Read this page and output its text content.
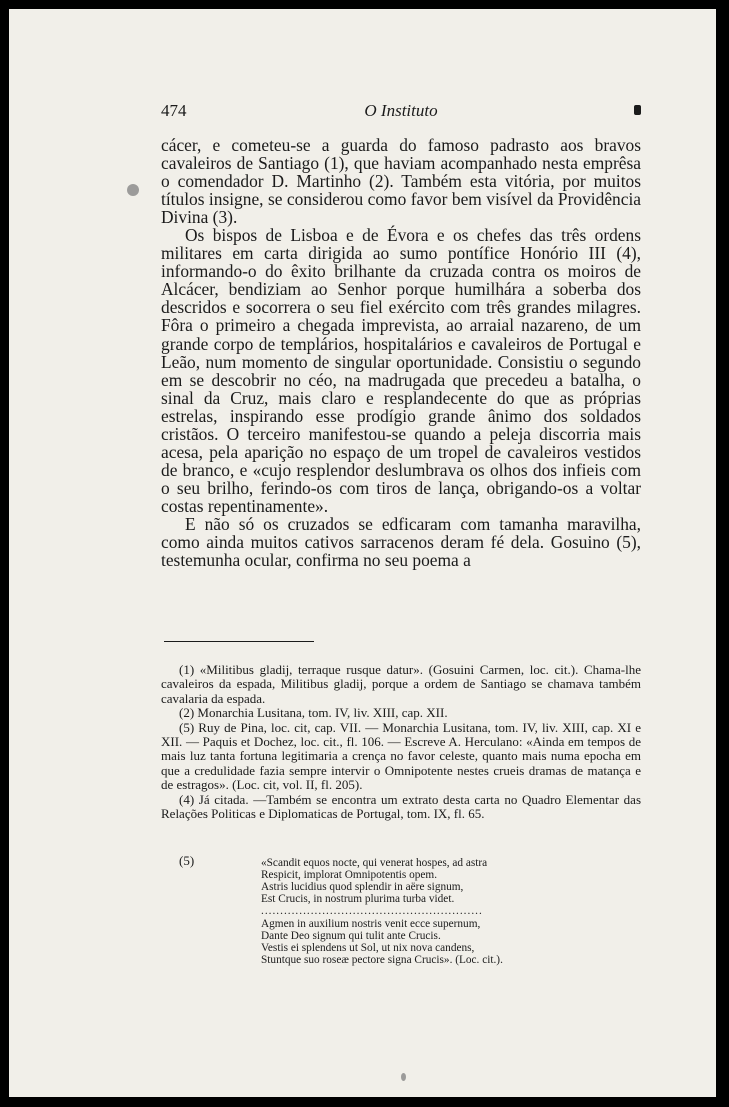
474	O Instituto

cácer, e cometeu-se a guarda do famoso padrasto aos bravos cavaleiros de Santiago (1), que haviam acompanhado nesta emprêsa o comendador D. Martinho (2). Também esta vitória, por muitos títulos insigne, se considerou como favor bem visível da Providência Divina (3).

Os bispos de Lisboa e de Évora e os chefes das três ordens militares em carta dirigida ao sumo pontífice Honório III (4), informando-o do êxito brilhante da cruzada contra os moiros de Alcácer, bendiziam ao Senhor porque humilhára a soberba dos descridos e socorrera o seu fiel exército com três grandes milagres. Fôra o primeiro a chegada imprevista, ao arraial nazareno, de um grande corpo de templários, hospitalários e cavaleiros de Portugal e Leão, num momento de singular oportunidade. Consistiu o segundo em se descobrir no céo, na madrugada que precedeu a batalha, o sinal da Cruz, mais claro e resplandecente do que as próprias estrelas, inspirando esse prodígio grande ânimo dos soldados cristãos. O terceiro manifestou-se quando a peleja discorria mais acesa, pela aparição no espaço de um tropel de cavaleiros vestidos de branco, e «cujo resplendor deslumbrava os olhos dos infieis com o seu brilho, ferindo-os com tiros de lança, obrigando-os a voltar costas repentinamente».

E não só os cruzados se edficaram com tamanha maravilha, como ainda muitos cativos sarracenos deram fé dela. Gosuino (5), testemunha ocular, confirma no seu poema a

(1) «Militibus gladij, terraque rusque datur». (Gosuini Carmen, loc. cit.). Chama-lhe cavaleiros da espada, Militibus gladij, porque a ordem de Santiago se chamava também cavalaria da espada.

(2) Monarchia Lusitana, tom. IV, liv. XIII, cap. XII.

(5) Ruy de Pina, loc. cit, cap. VII. — Monarchia Lusitana, tom. IV, liv. XIII, cap. XI e XII. — Paquis et Dochez, loc. cit., fl. 106. — Escreve A. Herculano: «Ainda em tempos de mais luz tanta fortuna legitimaria a crença no favor celeste, quanto mais numa epocha em que a credulidade fazia sempre intervir o Omnipotente nestes crueis dramas de matança e de estragos». (Loc. cit, vol. II, fl. 205).

(4) Já citada. —Também se encontra um extrato desta carta no Quadro Elementar das Relações Politicas e Diplomaticas de Portugal, tom. IX, fl. 65.

(5)	«Scandit equos nocte, qui venerat hospes, ad astra
Respicit, implorat Omnipotentis opem.
Astris lucidius quod splendir in aëre signum,
Est Crucis, in nostrum plurima turba videt.
..........................................................
Agmen in auxilium nostris venit ecce supernum,
Dante Deo signum qui tulit ante Crucis.
Vestis ei splendens ut Sol, ut nix nova candens,
Stuntque suo roseæ pectore signa Crucis». (Loc. cit.).
